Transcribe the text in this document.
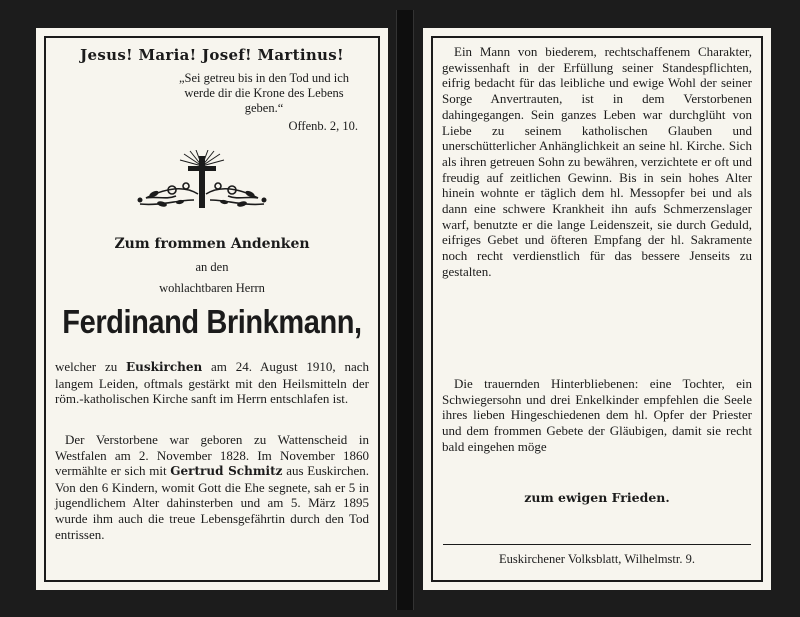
Jesus! Maria! Josef! Martinus!
„Sei getreu bis in den Tod und ich werde dir die Krone des Lebens geben.“
Offenb. 2, 10.
Zum frommen Andenken
an den
wohlachtbaren Herrn
Ferdinand Brinkmann,
welcher zu Euskirchen am 24. August 1910, nach langem Leiden, oftmals gestärkt mit den Heilsmitteln der röm.-katholischen Kirche sanft im Herrn entschlafen ist.
Der Verstorbene war geboren zu Wattenscheid in Westfalen am 2. November 1828. Im November 1860 vermählte er sich mit Gertrud Schmitz aus Euskirchen. Von den 6 Kindern, womit Gott die Ehe segnete, sah er 5 in jugendlichem Alter dahinsterben und am 5. März 1895 wurde ihm auch die treue Lebensgefährtin durch den Tod entrissen.
Ein Mann von biederem, rechtschaffenem Charakter, gewissenhaft in der Erfüllung seiner Standespflichten, eifrig bedacht für das leibliche und ewige Wohl der seiner Sorge Anvertrauten, ist in dem Verstorbenen dahingegangen. Sein ganzes Leben war durchglüht von Liebe zu seinem katholischen Glauben und unerschütterlicher Anhänglichkeit an seine hl. Kirche. Sich als ihren getreuen Sohn zu bewähren, verzichtete er oft und freudig auf zeitlichen Gewinn. Bis in sein hohes Alter hinein wohnte er täglich dem hl. Messopfer bei und als dann eine schwere Krankheit ihn aufs Schmerzenslager warf, benutzte er die lange Leidenszeit, sie durch Geduld, eifriges Gebet und öfteren Empfang der hl. Sakramente noch recht verdienstlich für das bessere Jenseits zu gestalten.
Die trauernden Hinterbliebenen: eine Tochter, ein Schwiegersohn und drei Enkelkinder empfehlen die Seele ihres lieben Hingeschiedenen dem hl. Opfer der Priester und dem frommen Gebete der Gläubigen, damit sie recht bald eingehen möge
zum ewigen Frieden.
Euskirchener Volksblatt, Wilhelmstr. 9.
